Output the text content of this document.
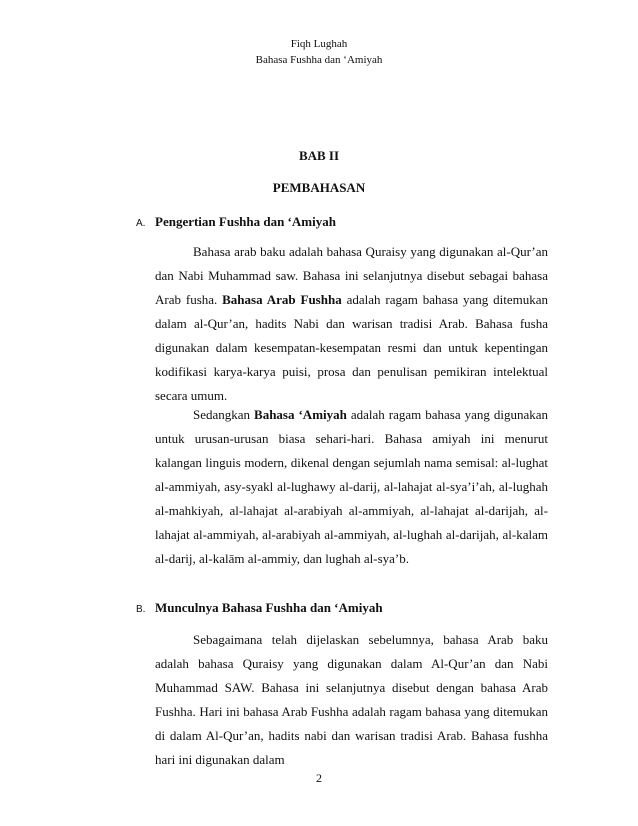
Fiqh Lughah
Bahasa Fushha dan ‘Amiyah
BAB II
PEMBAHASAN
A. Pengertian Fushha dan ‘Amiyah

Bahasa arab baku adalah bahasa Quraisy yang digunakan al-Qur’an dan Nabi Muhammad saw. Bahasa ini selanjutnya disebut sebagai bahasa Arab fusha. Bahasa Arab Fushha adalah ragam bahasa yang ditemukan dalam al-Qur’an, hadits Nabi dan warisan tradisi Arab. Bahasa fusha digunakan dalam kesempatan-kesempatan resmi dan untuk kepentingan kodifikasi karya-karya puisi, prosa dan penulisan pemikiran intelektual secara umum.

Sedangkan Bahasa ‘Amiyah adalah ragam bahasa yang digunakan untuk urusan-urusan biasa sehari-hari. Bahasa amiyah ini menurut kalangan linguis modern, dikenal dengan sejumlah nama semisal: al-lughat al-ammiyah, asy-syakl al-lughawy al-darij, al-lahajat al-sya’i’ah, al-lughah al-mahkiyah, al-lahajat al-arabiyah al-ammiyah, al-lahajat al-darijah, al-lahajat al-ammiyah, al-arabiyah al-ammiyah, al-lughah al-darijah, al-kalam al-darij, al-kalām al-ammiy, dan lughah al-sya’b.

B. Munculnya Bahasa Fushha dan ‘Amiyah

Sebagaimana telah dijelaskan sebelumnya, bahasa Arab baku adalah bahasa Quraisy yang digunakan dalam Al-Qur’an dan Nabi Muhammad SAW. Bahasa ini selanjutnya disebut dengan bahasa Arab Fushha. Hari ini bahasa Arab Fushha adalah ragam bahasa yang ditemukan di dalam Al-Qur’an, hadits nabi dan warisan tradisi Arab. Bahasa fushha hari ini digunakan dalam

2
